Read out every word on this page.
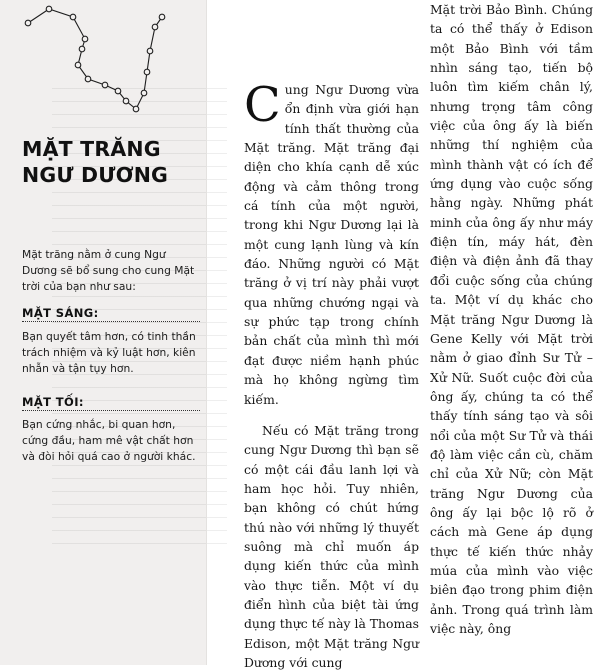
MẶT TRĂNG
NGƯ DƯƠNG
Mặt trăng nằm ở cung Ngư Dương sẽ bổ sung cho cung Mặt trời của bạn như sau:
MẶT SÁNG:
Bạn quyết tâm hơn, có tinh thần trách nhiệm và kỷ luật hơn, kiên nhẫn và tận tụy hơn.
MẶT TỐI:
Bạn cứng nhắc, bi quan hơn, cứng đầu, ham mê vật chất hơn và đòi hỏi quá cao ở người khác.

Cung Ngư Dương vừa ổn định vừa giới hạn tính thất thường của Mặt trăng. Mặt trăng đại diện cho khía cạnh dễ xúc động và cảm thông trong cá tính của một người, trong khi Ngư Dương lại là một cung lạnh lùng và kín đáo. Những người có Mặt trăng ở vị trí này phải vượt qua những chướng ngại và sự phức tạp trong chính bản chất của mình thì mới đạt được niềm hạnh phúc mà họ không ngừng tìm kiếm.

Nếu có Mặt trăng trong cung Ngư Dương thì bạn sẽ có một cái đầu lanh lợi và ham học hỏi. Tuy nhiên, bạn không có chút hứng thú nào với những lý thuyết suông mà chỉ muốn áp dụng kiến thức của mình vào thực tiễn. Một ví dụ điển hình của biệt tài ứng dụng thực tế này là Thomas Edison, một Mặt trăng Ngư Dương với cung

Mặt trời Bảo Bình. Chúng ta có thể thấy ở Edison một Bảo Bình với tầm nhìn sáng tạo, tiến bộ luôn tìm kiếm chân lý, nhưng trọng tâm công việc của ông ấy là biến những thí nghiệm của mình thành vật có ích để ứng dụng vào cuộc sống hằng ngày. Những phát minh của ông ấy như máy điện tín, máy hát, đèn điện và điện ảnh đã thay đổi cuộc sống của chúng ta. Một ví dụ khác cho Mặt trăng Ngư Dương là Gene Kelly với Mặt trời nằm ở giao đỉnh Sư Tử – Xử Nữ. Suốt cuộc đời của ông ấy, chúng ta có thể thấy tính sáng tạo và sôi nổi của một Sư Tử và thái độ làm việc cần cù, chăm chỉ của Xử Nữ; còn Mặt trăng Ngư Dương của ông ấy lại bộc lộ rõ ở cách mà Gene áp dụng thực tế kiến thức nhảy múa của mình vào việc biên đạo trong phim điện ảnh. Trong quá trình làm việc này, ông
